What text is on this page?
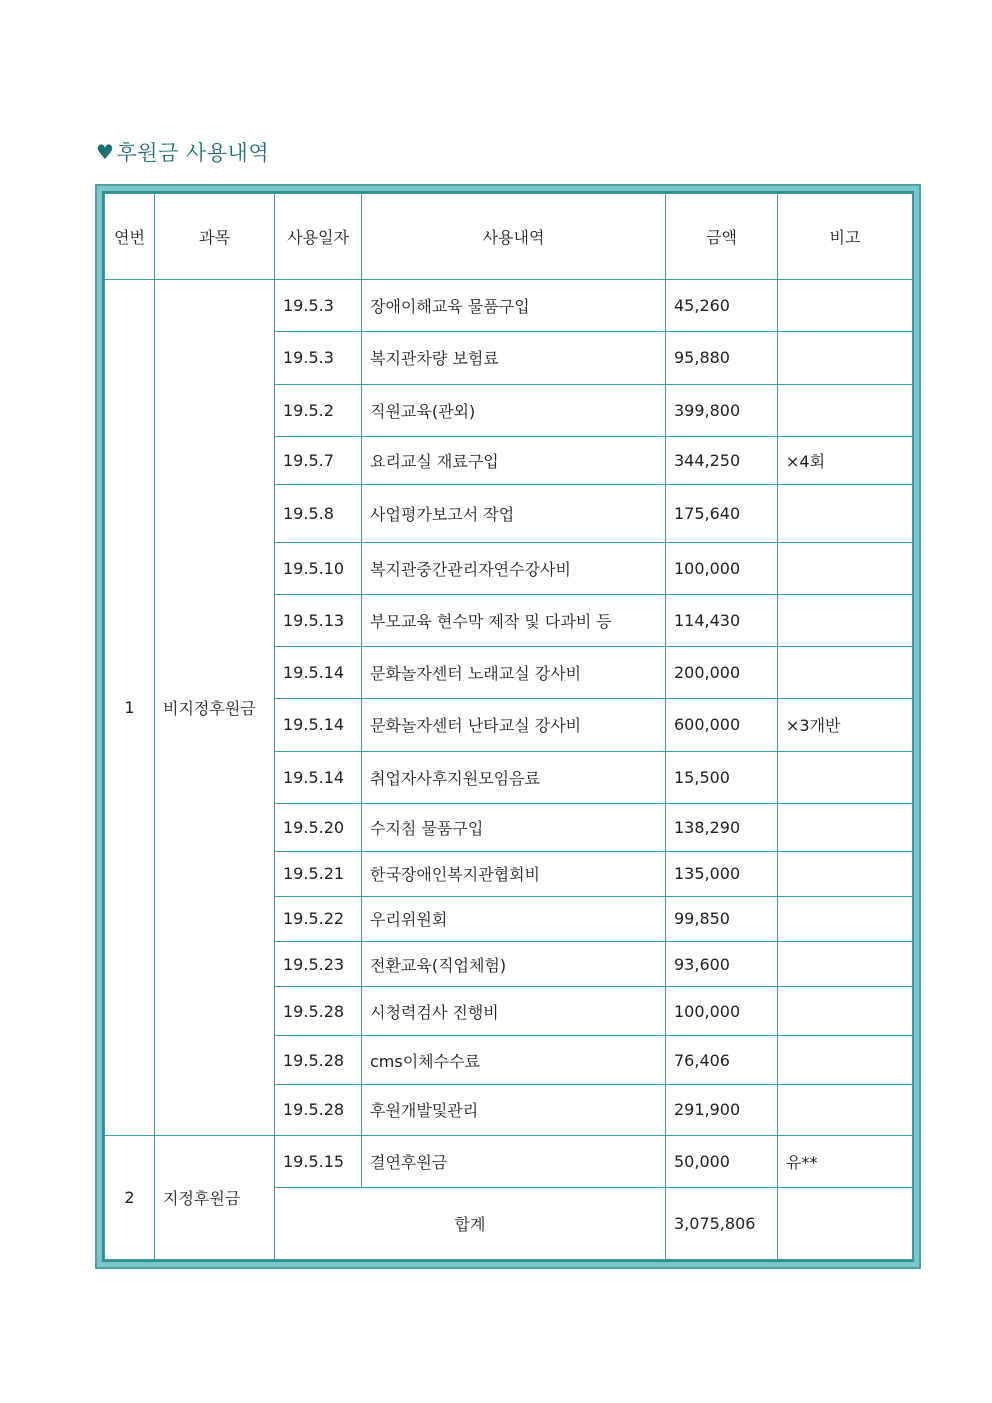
♥ 후원금 사용내역
연번	과목	사용일자	사용내역	금액	비고
1	비지정후원금	19.5.3	장애이해교육 물품구입	45,260	
		19.5.3	복지관차량 보험료	95,880	
		19.5.2	직원교육(관외)	399,800	
		19.5.7	요리교실 재료구입	344,250	×4회
		19.5.8	사업평가보고서 작업	175,640	
		19.5.10	복지관중간관리자연수강사비	100,000	
		19.5.13	부모교육 현수막 제작 및 다과비 등	114,430	
		19.5.14	문화놀자센터 노래교실 강사비	200,000	
		19.5.14	문화놀자센터 난타교실 강사비	600,000	×3개반
		19.5.14	취업자사후지원모임음료	15,500	
		19.5.20	수지침 물품구입	138,290	
		19.5.21	한국장애인복지관협회비	135,000	
		19.5.22	우리위원회	99,850	
		19.5.23	전환교육(직업체험)	93,600	
		19.5.28	시청력검사 진행비	100,000	
		19.5.28	cms이체수수료	76,406	
		19.5.28	후원개발및관리	291,900	
2	지정후원금	19.5.15	결연후원금	50,000	유**
		합계		3,075,806	
